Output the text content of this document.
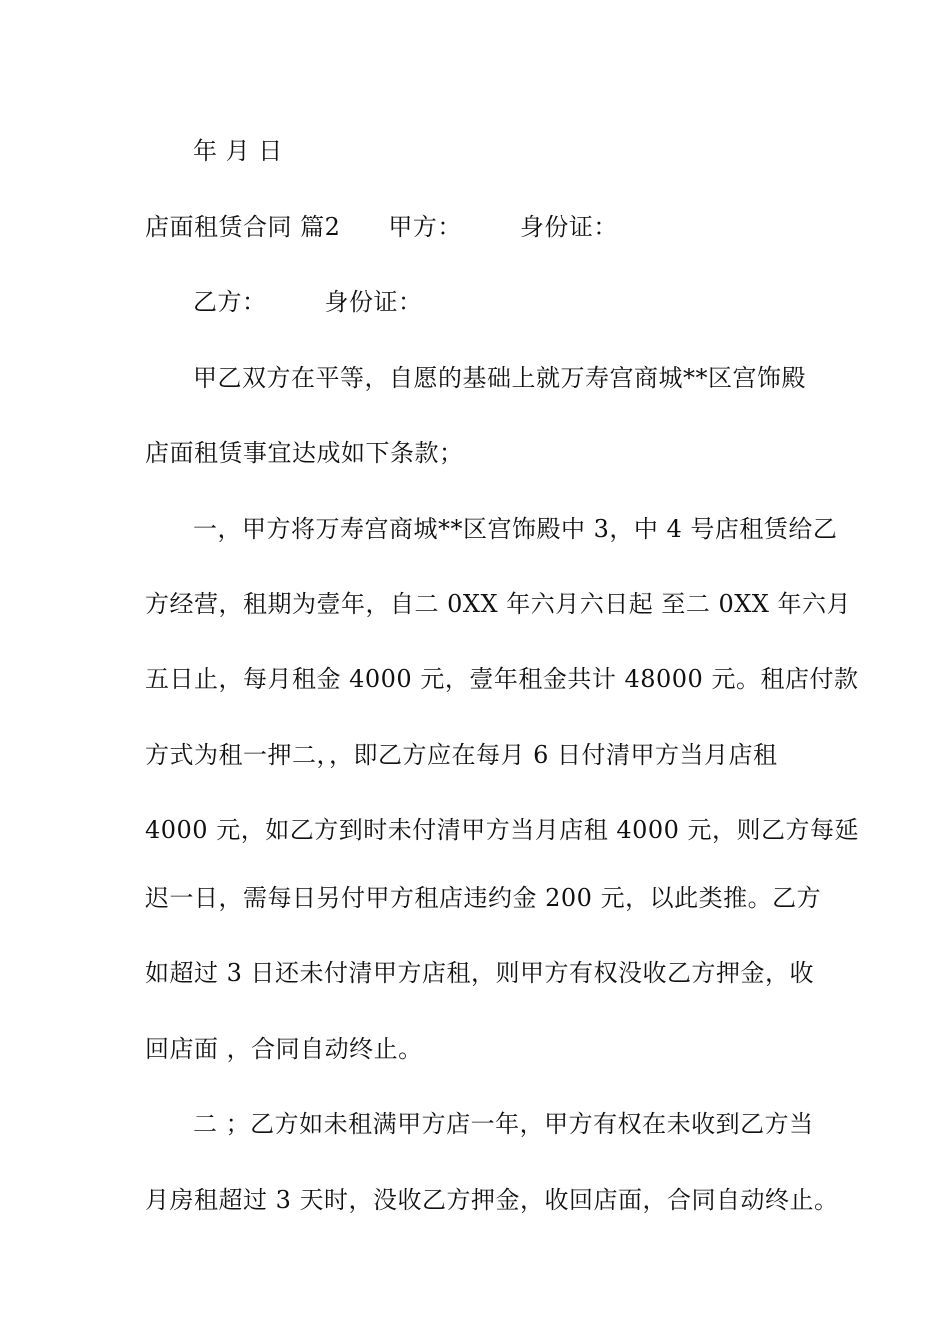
年 月 日
店面租赁合同 篇2 甲方： 身份证：
乙方： 身份证：
甲乙双方在平等，自愿的基础上就万寿宫商城**区宫饰殿
店面租赁事宜达成如下条款；
一，甲方将万寿宫商城**区宫饰殿中 3，中 4 号店租赁给乙
方经营，租期为壹年，自二 0XX 年六月六日起 至二 0XX 年六月
五日止，每月租金 4000 元，壹年租金共计 48000 元。租店付款
方式为租一押二，，即乙方应在每月 6 日付清甲方当月店租
4000 元，如乙方到时未付清甲方当月店租 4000 元，则乙方每延
迟一日，需每日另付甲方租店违约金 200 元，以此类推。乙方
如超过 3 日还未付清甲方店租，则甲方有权没收乙方押金，收
回店面 ，合同自动终止。
二 ；乙方如未租满甲方店一年，甲方有权在未收到乙方当
月房租超过 3 天时，没收乙方押金，收回店面，合同自动终止。
